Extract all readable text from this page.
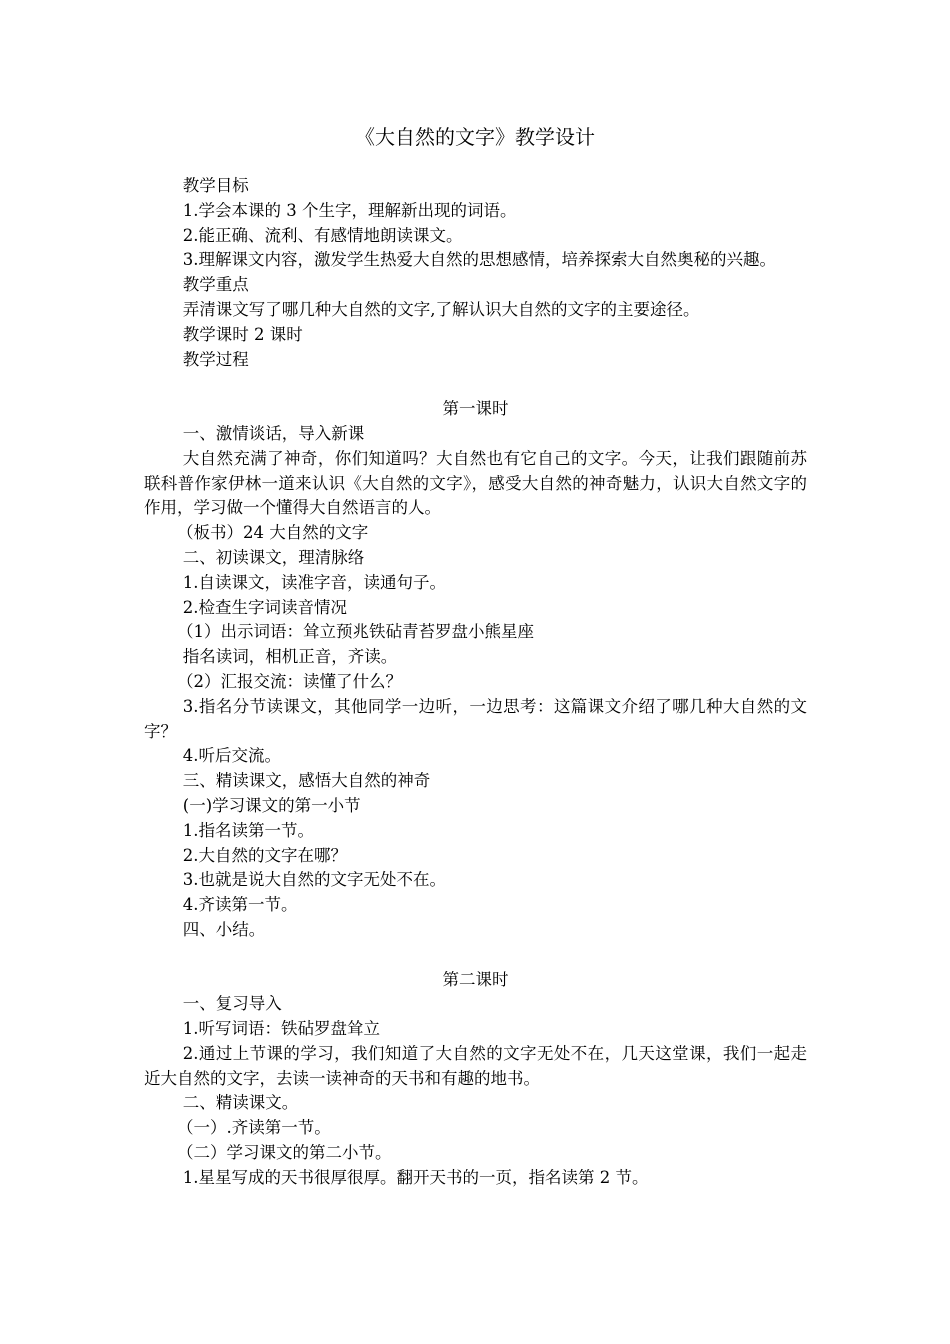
《大自然的文字》教学设计

教学目标

1.学会本课的 3 个生字，理解新出现的词语。

2.能正确、流利、有感情地朗读课文。

3.理解课文内容，激发学生热爱大自然的思想感情，培养探索大自然奥秘的兴趣。

教学重点

弄清课文写了哪几种大自然的文字,了解认识大自然的文字的主要途径。

教学课时 2 课时

教学过程

第一课时

一、激情谈话，导入新课

大自然充满了神奇，你们知道吗？大自然也有它自己的文字。今天，让我们跟随前苏联科普作家伊林一道来认识《大自然的文字》，感受大自然的神奇魅力，认识大自然文字的作用，学习做一个懂得大自然语言的人。

（板书）24 大自然的文字

二、初读课文，理清脉络

1.自读课文，读准字音，读通句子。

2.检查生字词读音情况

（1）出示词语：耸立预兆铁砧青苔罗盘小熊星座

指名读词，相机正音，齐读。

（2）汇报交流：读懂了什么？

3.指名分节读课文，其他同学一边听，一边思考：这篇课文介绍了哪几种大自然的文字？

4.听后交流。

三、精读课文，感悟大自然的神奇

(一)学习课文的第一小节

1.指名读第一节。

2.大自然的文字在哪？

3.也就是说大自然的文字无处不在。

4.齐读第一节。

四、小结。

第二课时

一、复习导入

1.听写词语：铁砧罗盘耸立

2.通过上节课的学习，我们知道了大自然的文字无处不在，几天这堂课，我们一起走近大自然的文字，去读一读神奇的天书和有趣的地书。

二、精读课文。

（一）.齐读第一节。

（二）学习课文的第二小节。

1.星星写成的天书很厚很厚。翻开天书的一页，指名读第 2 节。
